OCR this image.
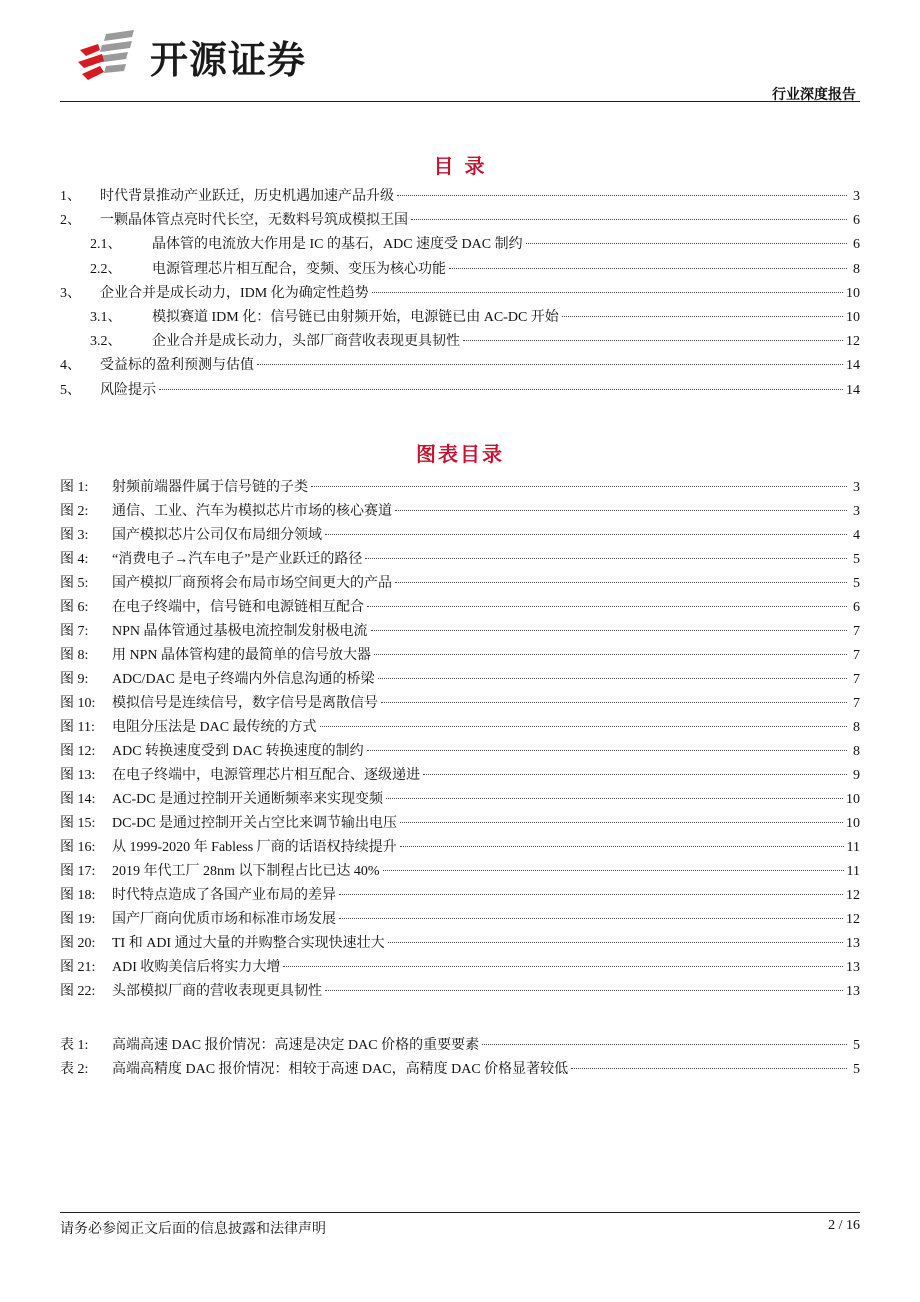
开源证券
行业深度报告
目 录
1、	时代背景推动产业跃迁，历史机遇加速产品升级	3
2、	一颗晶体管点亮时代长空，无数料号筑成模拟王国	6
2.1、	晶体管的电流放大作用是 IC 的基石，ADC 速度受 DAC 制约	6
2.2、	电源管理芯片相互配合，变频、变压为核心功能	8
3、	企业合并是成长动力，IDM 化为确定性趋势	10
3.1、	模拟赛道 IDM 化：信号链已由射频开始，电源链已由 AC-DC 开始	10
3.2、	企业合并是成长动力，头部厂商营收表现更具韧性	12
4、	受益标的盈利预测与估值	14
5、	风险提示	14
图表目录
图 1:	射频前端器件属于信号链的子类	3
图 2:	通信、工业、汽车为模拟芯片市场的核心赛道	3
图 3:	国产模拟芯片公司仅布局细分领域	4
图 4:	“消费电子→汽车电子”是产业跃迁的路径	5
图 5:	国产模拟厂商预将会布局市场空间更大的产品	5
图 6:	在电子终端中，信号链和电源链相互配合	6
图 7:	NPN 晶体管通过基极电流控制发射极电流	7
图 8:	用 NPN 晶体管构建的最简单的信号放大器	7
图 9:	ADC/DAC 是电子终端内外信息沟通的桥梁	7
图 10:	模拟信号是连续信号，数字信号是离散信号	7
图 11:	电阻分压法是 DAC 最传统的方式	8
图 12:	ADC 转换速度受到 DAC 转换速度的制约	8
图 13:	在电子终端中，电源管理芯片相互配合、逐级递进	9
图 14:	AC-DC 是通过控制开关通断频率来实现变频	10
图 15:	DC-DC 是通过控制开关占空比来调节输出电压	10
图 16:	从 1999-2020 年 Fabless 厂商的话语权持续提升	11
图 17:	2019 年代工厂 28nm 以下制程占比已达 40%	11
图 18:	时代特点造成了各国产业布局的差异	12
图 19:	国产厂商向优质市场和标准市场发展	12
图 20:	TI 和 ADI 通过大量的并购整合实现快速壮大	13
图 21:	ADI 收购美信后将实力大增	13
图 22:	头部模拟厂商的营收表现更具韧性	13
表 1:	高端高速 DAC 报价情况：高速是决定 DAC 价格的重要要素	5
表 2:	高端高精度 DAC 报价情况：相较于高速 DAC，高精度 DAC 价格显著较低	5
请务必参阅正文后面的信息披露和法律声明	2 / 16
